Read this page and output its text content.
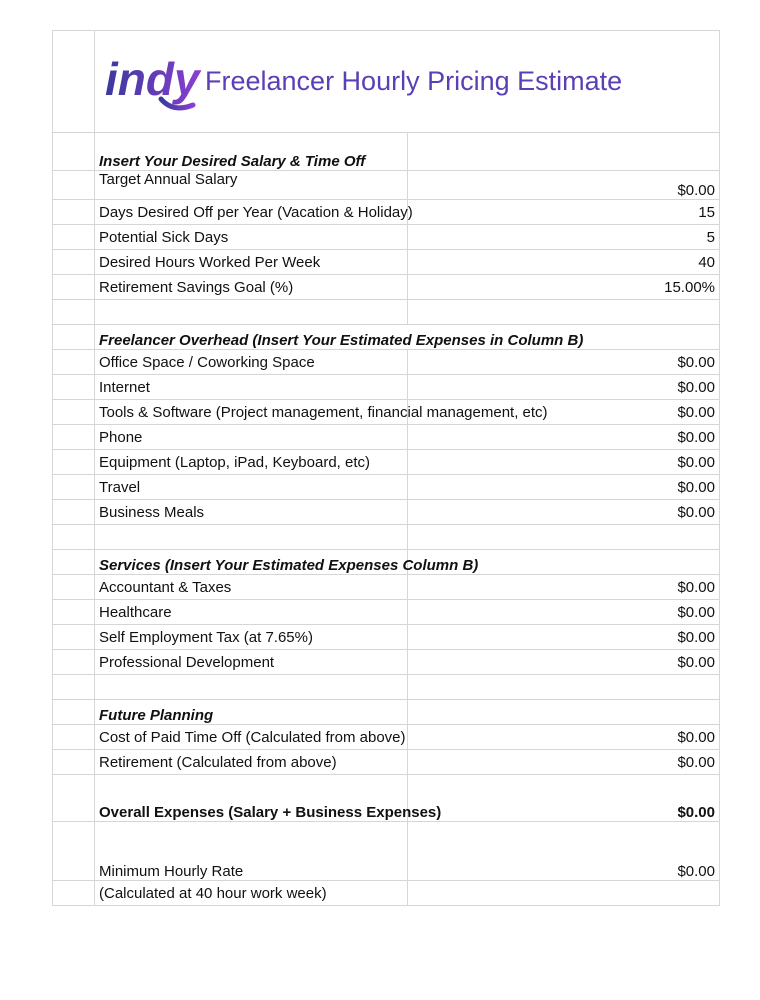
indy Freelancer Hourly Pricing Estimate	

	Insert Your Desired Salary & Time Off	
	Target Annual Salary	$0.00
	Days Desired Off per Year (Vacation & Holiday)	15
	Potential Sick Days	5
	Desired Hours Worked Per Week	40
	Retirement Savings Goal (%)	15.00%

	Freelancer Overhead (Insert Your Estimated Expenses in Column B)	
	Office Space / Coworking Space	$0.00
	Internet	$0.00
	Tools & Software (Project management, financial management, etc)	$0.00
	Phone	$0.00
	Equipment (Laptop, iPad, Keyboard, etc)	$0.00
	Travel	$0.00
	Business Meals	$0.00

	Services (Insert Your Estimated Expenses Column B)	
	Accountant & Taxes	$0.00
	Healthcare	$0.00
	Self Employment Tax (at 7.65%)	$0.00
	Professional Development	$0.00

	Future Planning	
	Cost of Paid Time Off (Calculated from above)	$0.00
	Retirement (Calculated from above)	$0.00
	Overall Expenses (Salary + Business Expenses)	$0.00
	Minimum Hourly Rate	$0.00
	(Calculated at 40 hour work week)	
